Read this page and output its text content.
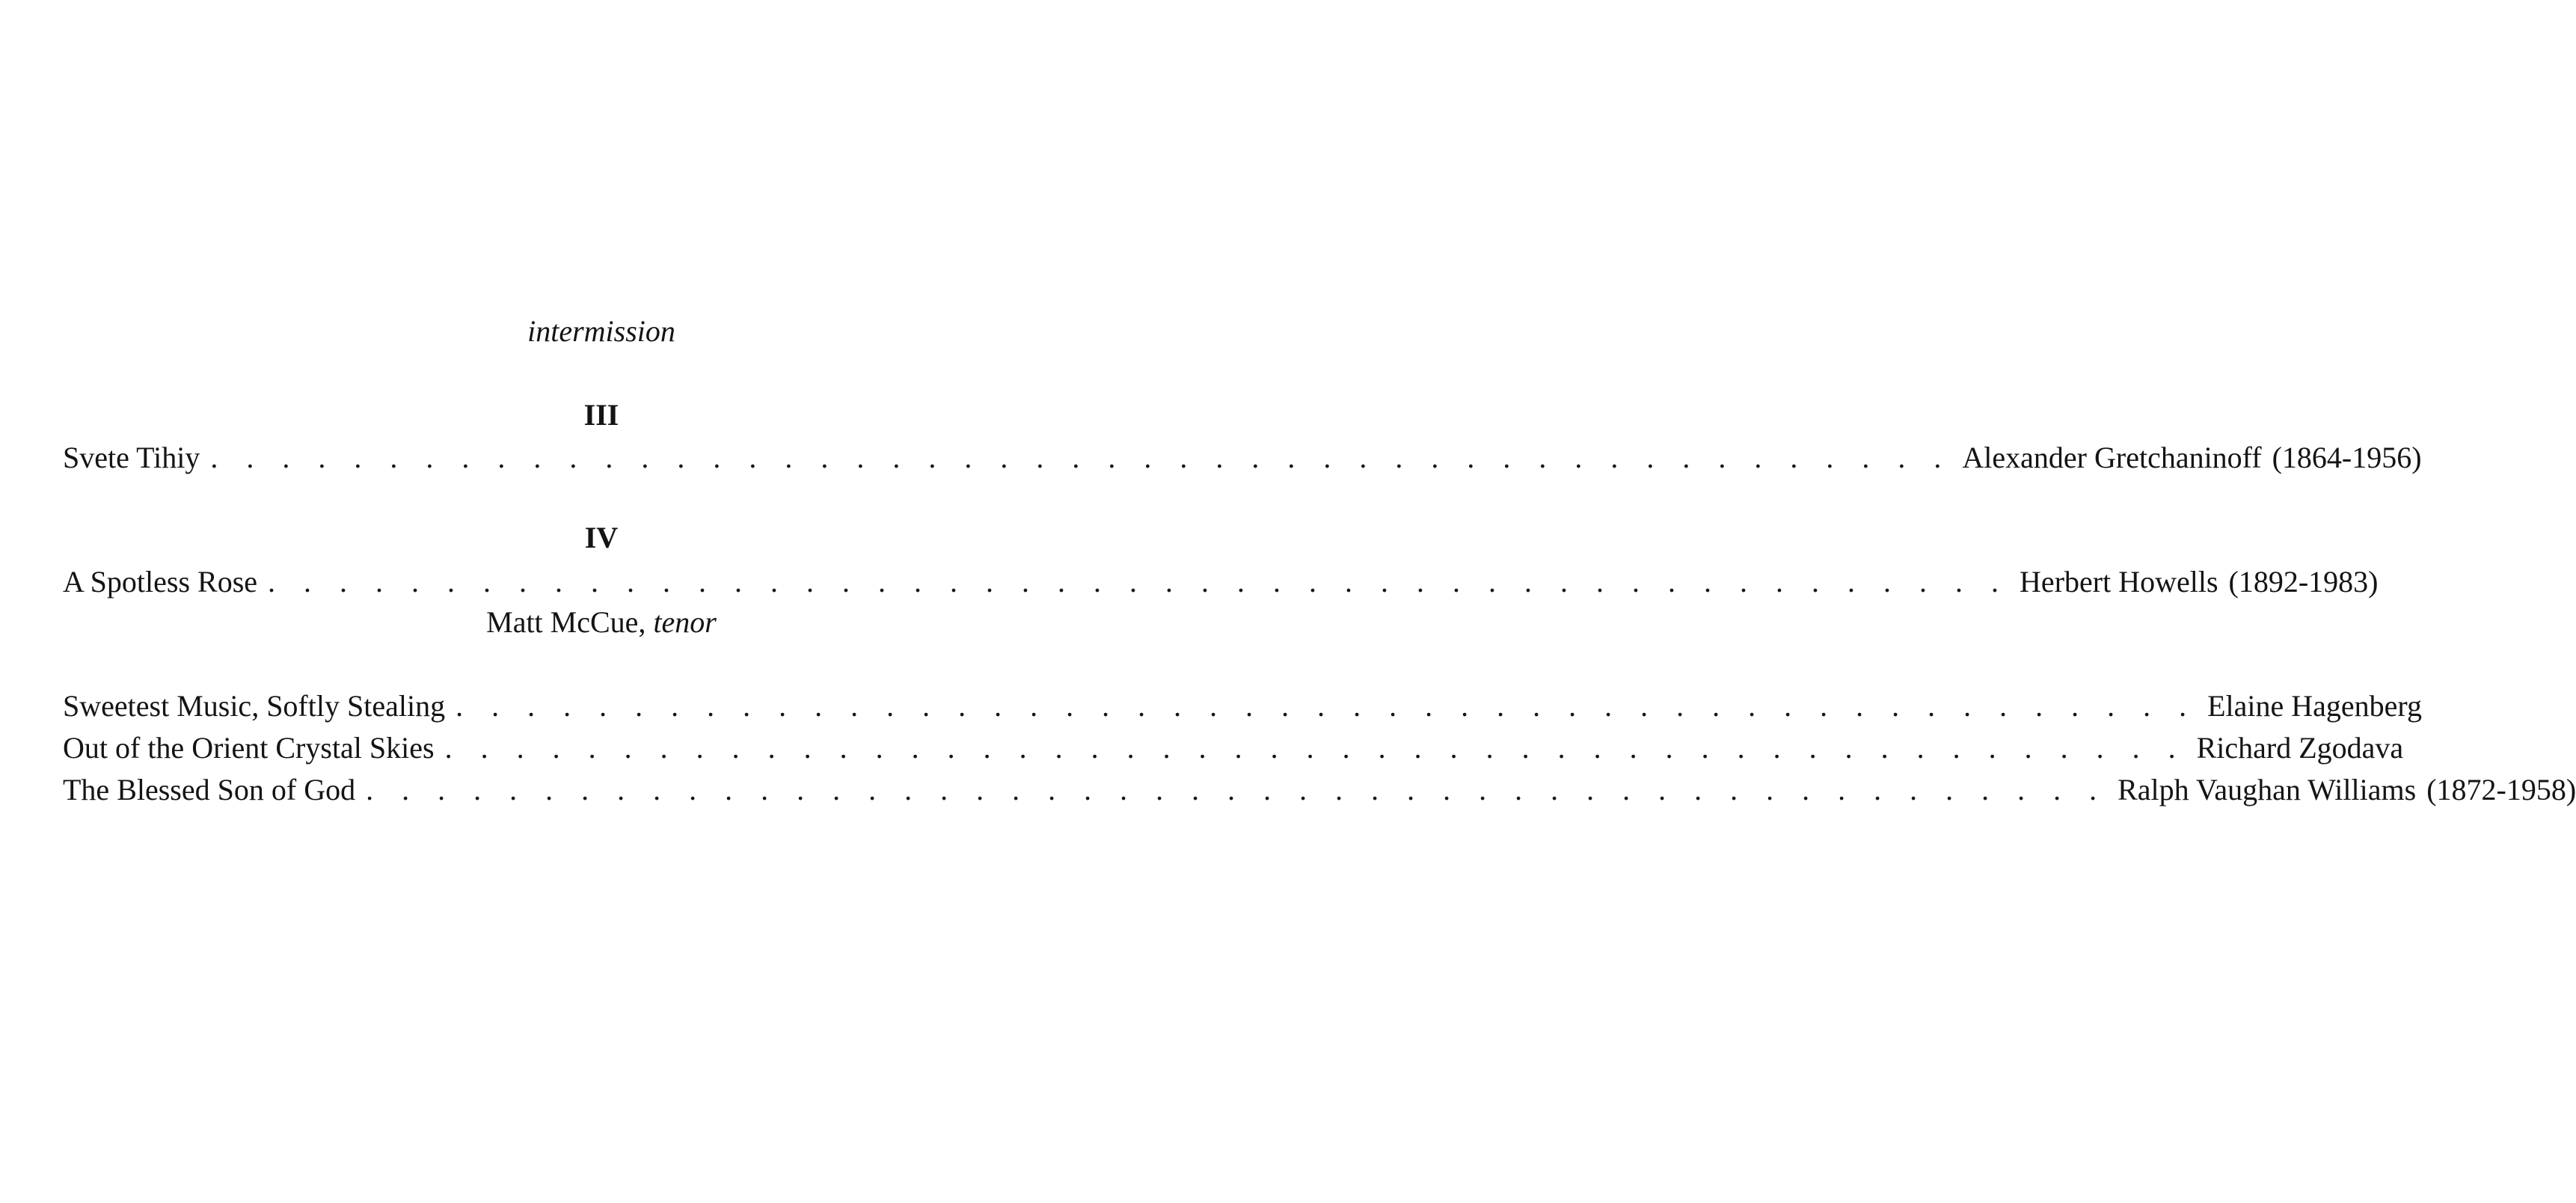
intermission
III
Svete Tihiy . . . . . . . . . . . . . . . . . . . . . . . . . . . . . . . . . . . . . . . . . . . . . . . . . Alexander Gretchaninoff (1864-1956)
IV
A Spotless Rose . . . . . . . . . . . . . . . . . . . . . . . . . . . . . . . . . . . . . . . . . . . . . . . . . Herbert Howells (1892-1983)
Matt McCue, tenor
Sweetest Music, Softly Stealing . . . . . . . . . . . . . . . . . . . . . . . . . . . . . . . . . . . . . . . . . . . . . . . . . Elaine Hagenberg
Out of the Orient Crystal Skies . . . . . . . . . . . . . . . . . . . . . . . . . . . . . . . . . . . . . . . . . . . . . . . . . Richard Zgodava
The Blessed Son of God . . . . . . . . . . . . . . . . . . . . . . . . . . . . . . . . . . . . . . . . . . . . . . . . . Ralph Vaughan Williams (1872-1958)
